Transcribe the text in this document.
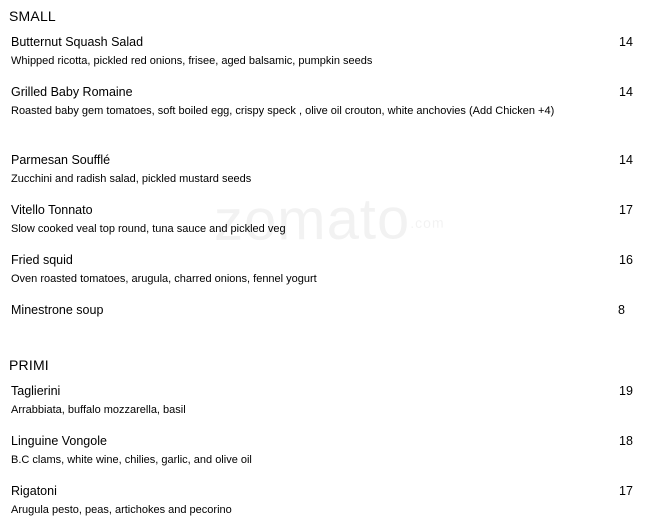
zomato.com
SMALL
Butternut Squash Salad	14
Whipped ricotta, pickled red onions, frisee, aged balsamic, pumpkin seeds
Grilled Baby Romaine	14
Roasted baby gem tomatoes, soft boiled egg, crispy speck , olive oil crouton, white anchovies (Add Chicken +4)
Parmesan Soufflé	14
Zucchini and radish salad, pickled mustard seeds
Vitello Tonnato	17
Slow cooked veal top round, tuna sauce and pickled veg
Fried squid	16
Oven roasted tomatoes, arugula, charred onions, fennel yogurt
Minestrone soup	8
PRIMI
Taglierini	19
Arrabbiata, buffalo mozzarella, basil
Linguine Vongole	18
B.C clams, white wine, chilies, garlic, and olive oil
Rigatoni	17
Arugula pesto, peas, artichokes and pecorino
